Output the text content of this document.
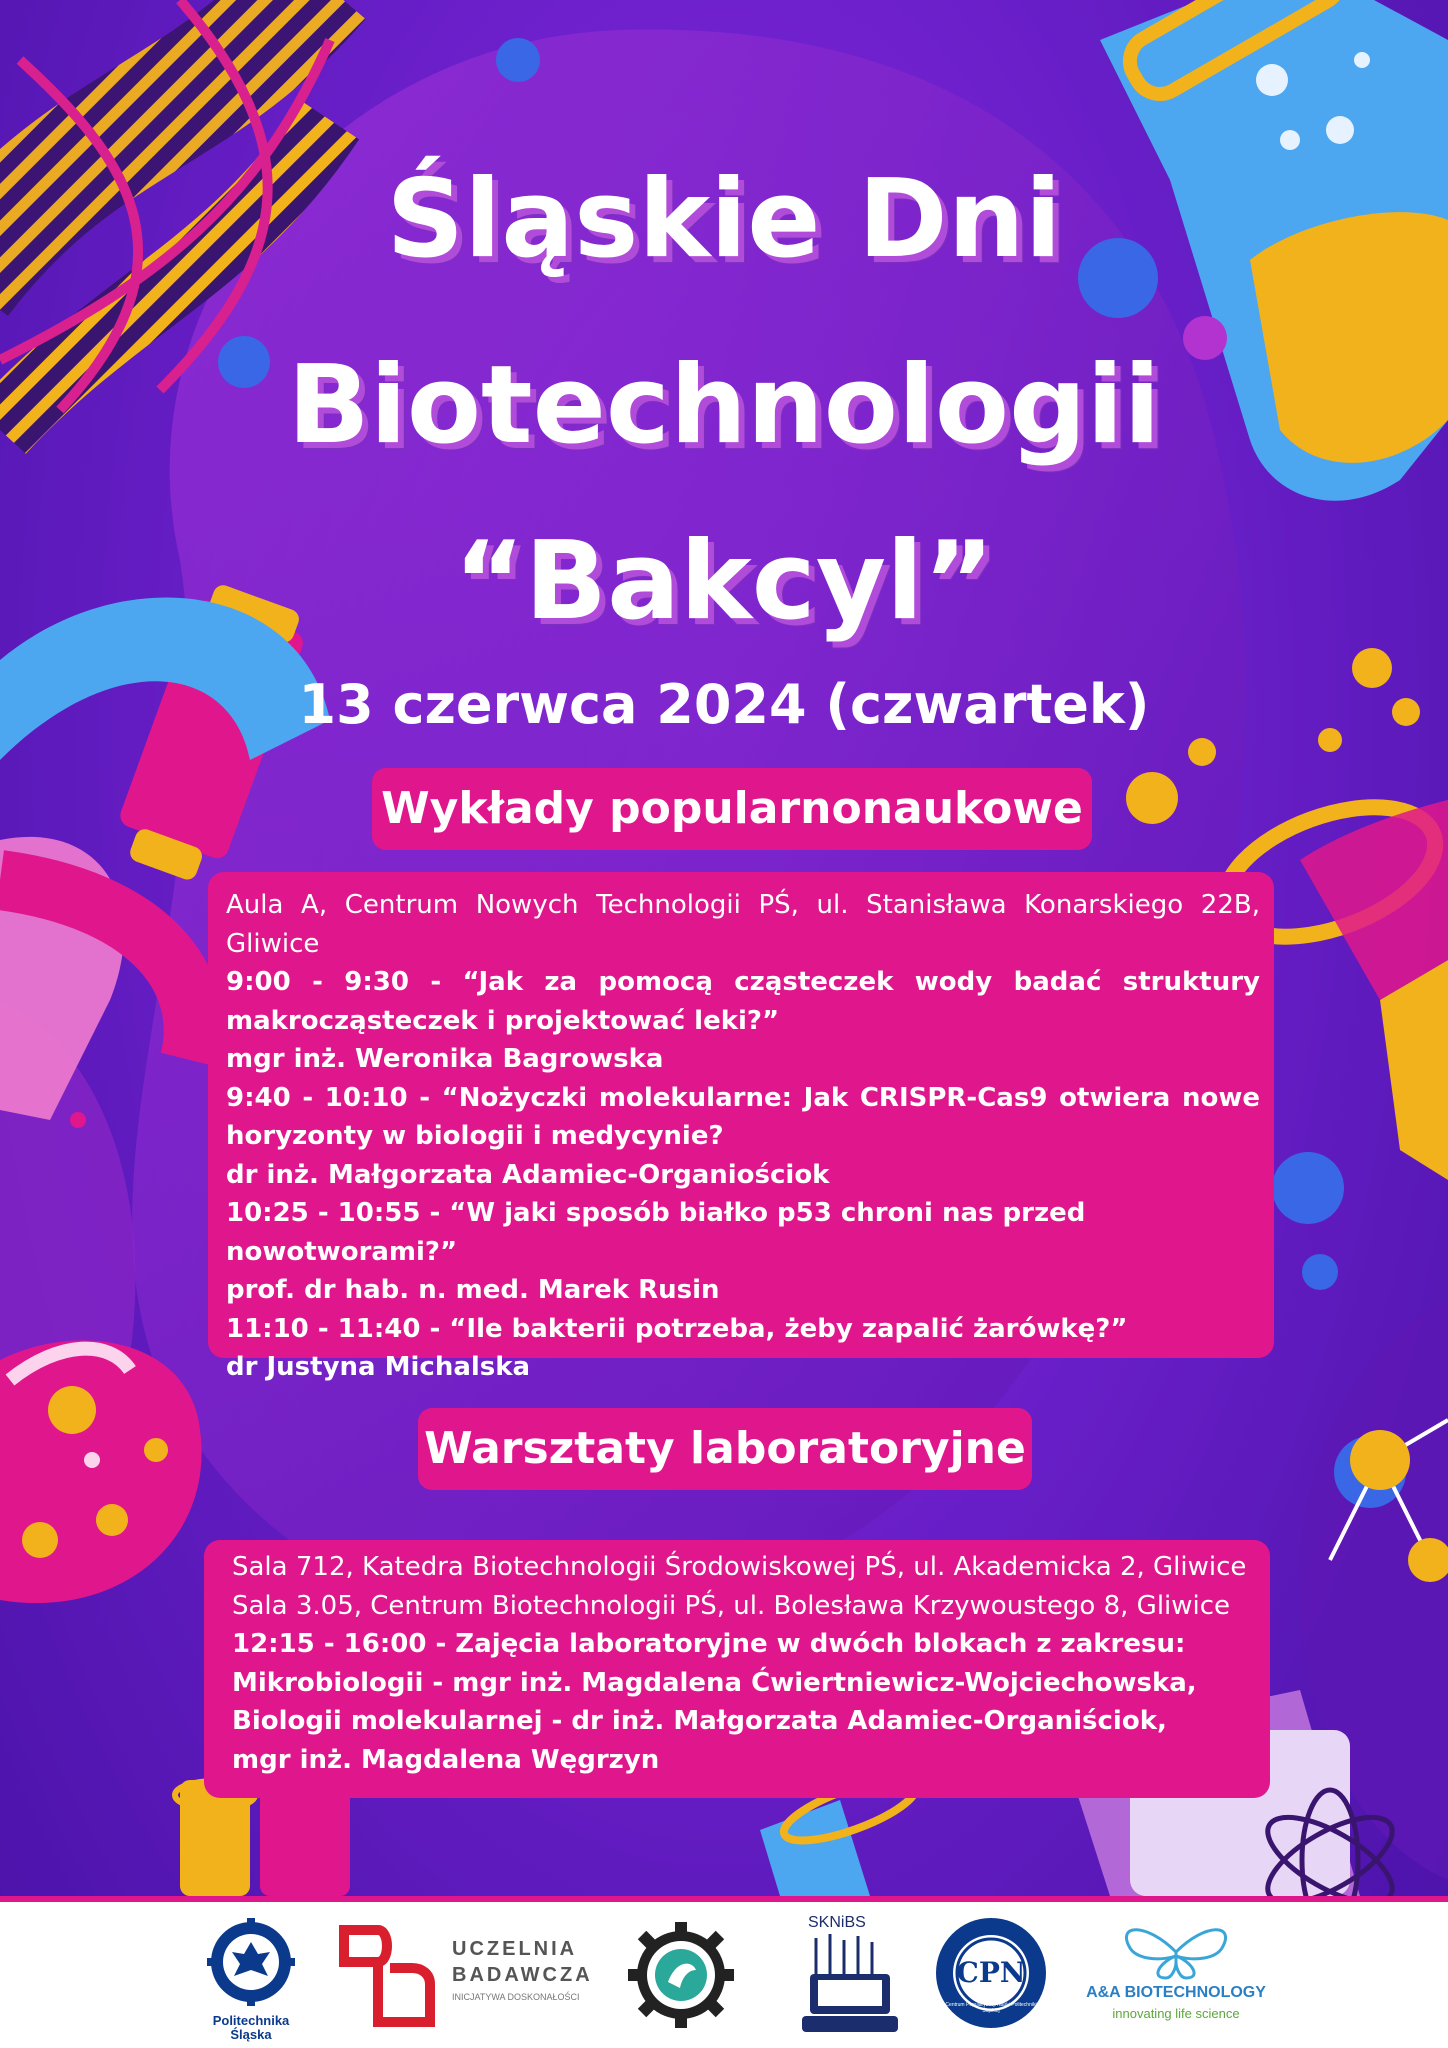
Śląskie Dni
Biotechnologii
“Bakcyl”
13 czerwca 2024 (czwartek)
Wykłady popularnonaukowe
Aula A, Centrum Nowych Technologii PŚ, ul. Stanisława Konarskiego 22B,
Gliwice
9:00 - 9:30 - “Jak za pomocą cząsteczek wody badać struktury
makrocząsteczek i projektować leki?”
mgr inż. Weronika Bagrowska
9:40 - 10:10 - “Nożyczki molekularne: Jak CRISPR-Cas9 otwiera nowe
horyzonty w biologii i medycynie?
dr inż. Małgorzata Adamiec-Organiościok
10:25 - 10:55 - “W jaki sposób białko p53 chroni nas przed nowotworami?”
prof. dr hab. n. med. Marek Rusin
11:10 - 11:40 - “Ile bakterii potrzeba, żeby zapalić żarówkę?”
dr Justyna Michalska
Warsztaty laboratoryjne
Sala 712, Katedra Biotechnologii Środowiskowej PŚ, ul. Akademicka 2, Gliwice
Sala 3.05, Centrum Biotechnologii PŚ, ul. Bolesława Krzywoustego 8, Gliwice
12:15 - 16:00 - Zajęcia laboratoryjne w dwóch blokach z zakresu:
Mikrobiologii - mgr inż. Magdalena Ćwiertniewicz-Wojciechowska,
Biologii molekularnej - dr inż. Małgorzata Adamiec-Organiściok,
mgr inż. Magdalena Węgrzyn
Politechnika Śląska
UCZELNIA
BADAWCZA
INICJATYWA DOSKONAŁOŚCI
SKNiBS
CPN
Centrum Popularyzacji Nauki Politechniki Śląskiej
A&A BIOTECHNOLOGY
innovating life science
